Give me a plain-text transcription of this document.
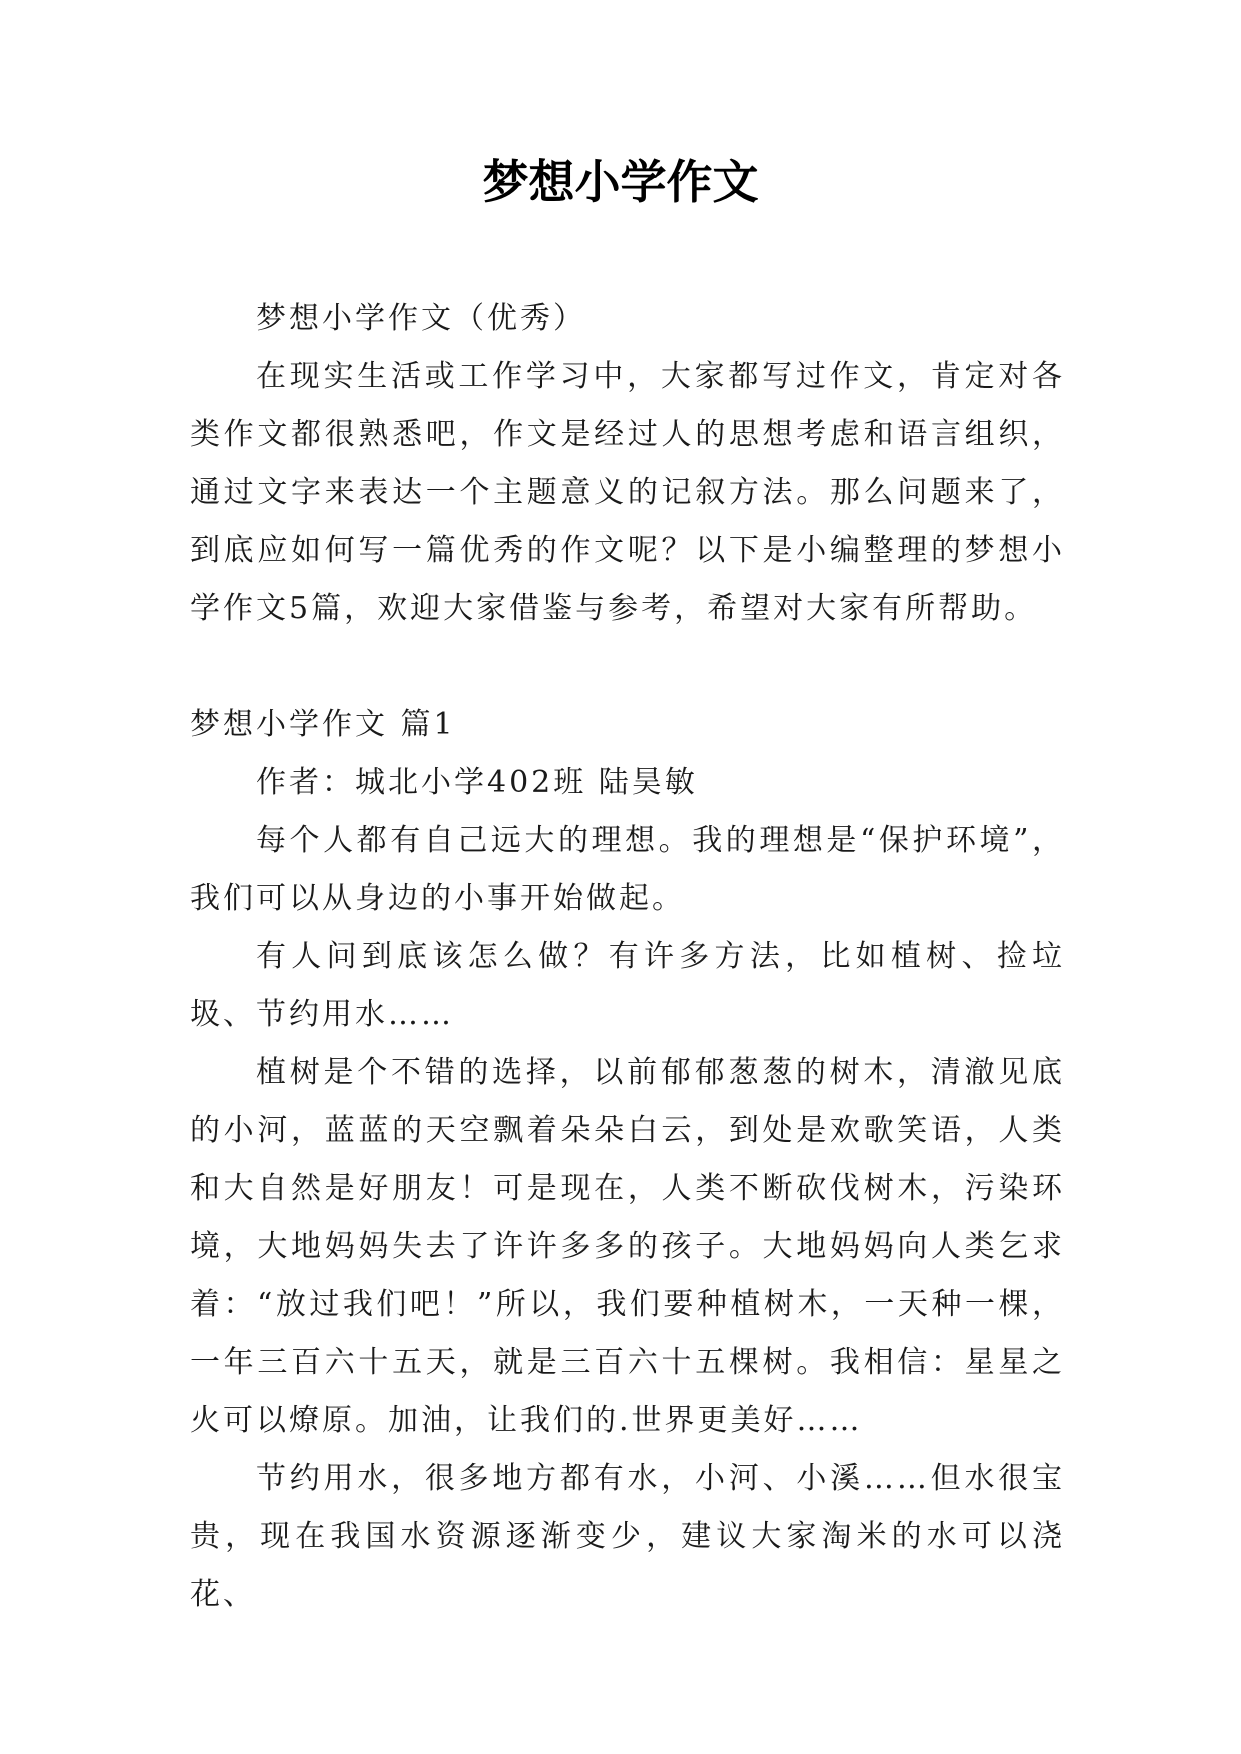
梦想小学作文

梦想小学作文（优秀）

在现实生活或工作学习中，大家都写过作文，肯定对各类作文都很熟悉吧，作文是经过人的思想考虑和语言组织，通过文字来表达一个主题意义的记叙方法。那么问题来了，到底应如何写一篇优秀的作文呢？以下是小编整理的梦想小学作文5篇，欢迎大家借鉴与参考，希望对大家有所帮助。

梦想小学作文 篇1

作者：城北小学402班 陆昊敏

每个人都有自己远大的理想。我的理想是“保护环境”，我们可以从身边的小事开始做起。

有人问到底该怎么做？有许多方法，比如植树、捡垃圾、节约用水……

植树是个不错的选择，以前郁郁葱葱的树木，清澈见底的小河，蓝蓝的天空飘着朵朵白云，到处是欢歌笑语，人类和大自然是好朋友！可是现在，人类不断砍伐树木，污染环境，大地妈妈失去了许许多多的孩子。大地妈妈向人类乞求着：“放过我们吧！”所以，我们要种植树木，一天种一棵，一年三百六十五天，就是三百六十五棵树。我相信：星星之火可以燎原。加油，让我们的.世界更美好……

节约用水，很多地方都有水，小河、小溪……但水很宝贵，现在我国水资源逐渐变少，建议大家淘米的水可以浇花、
